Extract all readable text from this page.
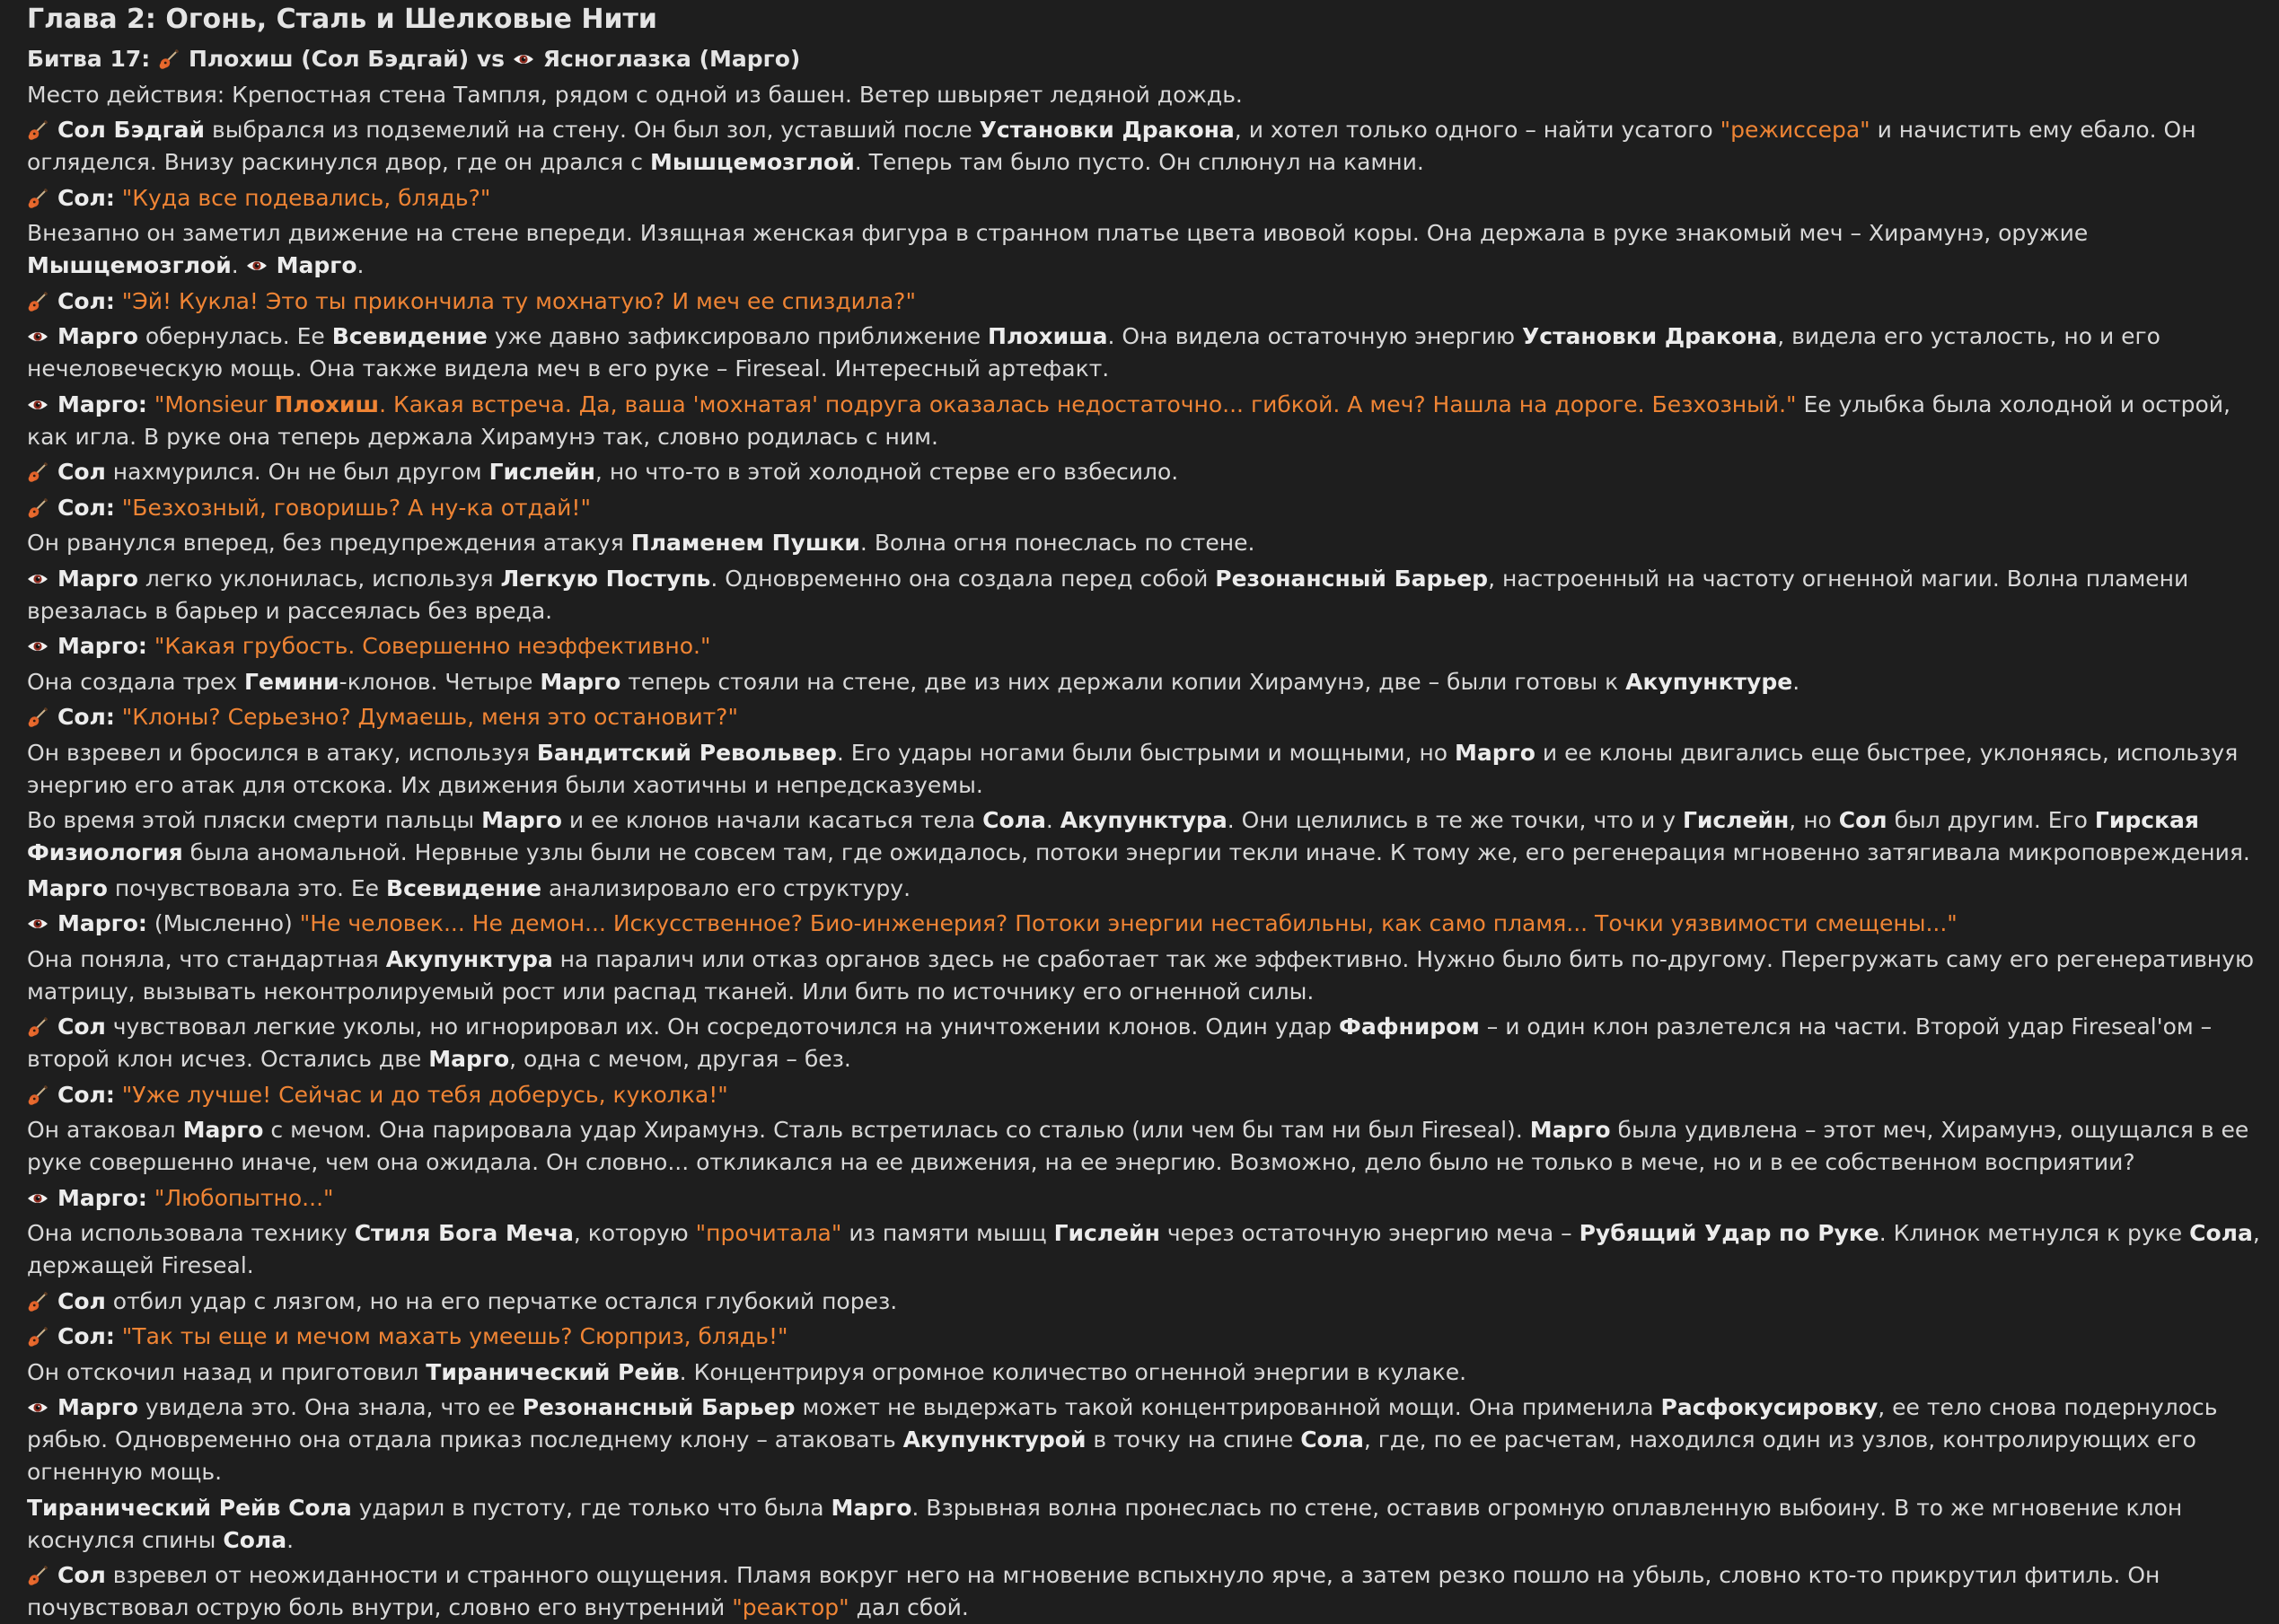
Глава 2: Огонь, Сталь и Шелковые Нити
Битва 17:
Плохиш (Сол Бэдгай) vs
Ясноглазка (Марго)
Место действия: Крепостная стена Тампля, рядом с одной из башен. Ветер швыряет ледяной дождь.
Сол Бэдгай выбрался из подземелий на стену. Он был зол, уставший после Установки Дракона, и хотел только одного – найти усатого "режиссера" и начистить ему ебало. Он огляделся. Внизу раскинулся двор, где он дрался с Мышцемозглой. Теперь там было пусто. Он сплюнул на камни.
Сол: "Куда все подевались, блядь?"
Внезапно он заметил движение на стене впереди. Изящная женская фигура в странном платье цвета ивовой коры. Она держала в руке знакомый меч – Хирамунэ, оружие Мышцемозглой.
Марго.
Сол: "Эй! Кукла! Это ты прикончила ту мохнатую? И меч ее спиздила?"
Марго обернулась. Ее Всевидение уже давно зафиксировало приближение Плохиша. Она видела остаточную энергию Установки Дракона, видела его усталость, но и его нечеловеческую мощь. Она также видела меч в его руке – Fireseal. Интересный артефакт.
Марго: "Monsieur Плохиш. Какая встреча. Да, ваша 'мохнатая' подруга оказалась недостаточно... гибкой. А меч? Нашла на дороге. Безхозный." Ее улыбка была холодной и острой, как игла. В руке она теперь держала Хирамунэ так, словно родилась с ним.
Сол нахмурился. Он не был другом Гислейн, но что-то в этой холодной стерве его взбесило.
Сол: "Безхозный, говоришь? А ну-ка отдай!"
Он рванулся вперед, без предупреждения атакуя Пламенем Пушки. Волна огня понеслась по стене.
Марго легко уклонилась, используя Легкую Поступь. Одновременно она создала перед собой Резонансный Барьер, настроенный на частоту огненной магии. Волна пламени врезалась в барьер и рассеялась без вреда.
Марго: "Какая грубость. Совершенно неэффективно."
Она создала трех Гемини-клонов. Четыре Марго теперь стояли на стене, две из них держали копии Хирамунэ, две – были готовы к Акупунктуре.
Сол: "Клоны? Серьезно? Думаешь, меня это остановит?"
Он взревел и бросился в атаку, используя Бандитский Револьвер. Его удары ногами были быстрыми и мощными, но Марго и ее клоны двигались еще быстрее, уклоняясь, используя энергию его атак для отскока. Их движения были хаотичны и непредсказуемы.
Во время этой пляски смерти пальцы Марго и ее клонов начали касаться тела Сола. Акупунктура. Они целились в те же точки, что и у Гислейн, но Сол был другим. Его Гирская Физиология была аномальной. Нервные узлы были не совсем там, где ожидалось, потоки энергии текли иначе. К тому же, его регенерация мгновенно затягивала микроповреждения.
Марго почувствовала это. Ее Всевидение анализировало его структуру.
Марго: (Мысленно) "Не человек... Не демон... Искусственное? Био-инженерия? Потоки энергии нестабильны, как само пламя... Точки уязвимости смещены..."
Она поняла, что стандартная Акупунктура на паралич или отказ органов здесь не сработает так же эффективно. Нужно было бить по-другому. Перегружать саму его регенеративную матрицу, вызывать неконтролируемый рост или распад тканей. Или бить по источнику его огненной силы.
Сол чувствовал легкие уколы, но игнорировал их. Он сосредоточился на уничтожении клонов. Один удар Фафниром – и один клон разлетелся на части. Второй удар Fireseal'ом – второй клон исчез. Остались две Марго, одна с мечом, другая – без.
Сол: "Уже лучше! Сейчас и до тебя доберусь, куколка!"
Он атаковал Марго с мечом. Она парировала удар Хирамунэ. Сталь встретилась со сталью (или чем бы там ни был Fireseal). Марго была удивлена – этот меч, Хирамунэ, ощущался в ее руке совершенно иначе, чем она ожидала. Он словно... откликался на ее движения, на ее энергию. Возможно, дело было не только в мече, но и в ее собственном восприятии?
Марго: "Любопытно..."
Она использовала технику Стиля Бога Меча, которую "прочитала" из памяти мышц Гислейн через остаточную энергию меча – Рубящий Удар по Руке. Клинок метнулся к руке Сола, держащей Fireseal.
Сол отбил удар с лязгом, но на его перчатке остался глубокий порез.
Сол: "Так ты еще и мечом махать умеешь? Сюрприз, блядь!"
Он отскочил назад и приготовил Тиранический Рейв. Концентрируя огромное количество огненной энергии в кулаке.
Марго увидела это. Она знала, что ее Резонансный Барьер может не выдержать такой концентрированной мощи. Она применила Расфокусировку, ее тело снова подернулось рябью. Одновременно она отдала приказ последнему клону – атаковать Акупунктурой в точку на спине Сола, где, по ее расчетам, находился один из узлов, контролирующих его огненную мощь.
Тиранический Рейв Сола ударил в пустоту, где только что была Марго. Взрывная волна пронеслась по стене, оставив огромную оплавленную выбоину. В то же мгновение клон коснулся спины Сола.
Сол взревел от неожиданности и странного ощущения. Пламя вокруг него на мгновение вспыхнуло ярче, а затем резко пошло на убыль, словно кто-то прикрутил фитиль. Он почувствовал острую боль внутри, словно его внутренний "реактор" дал сбой.
